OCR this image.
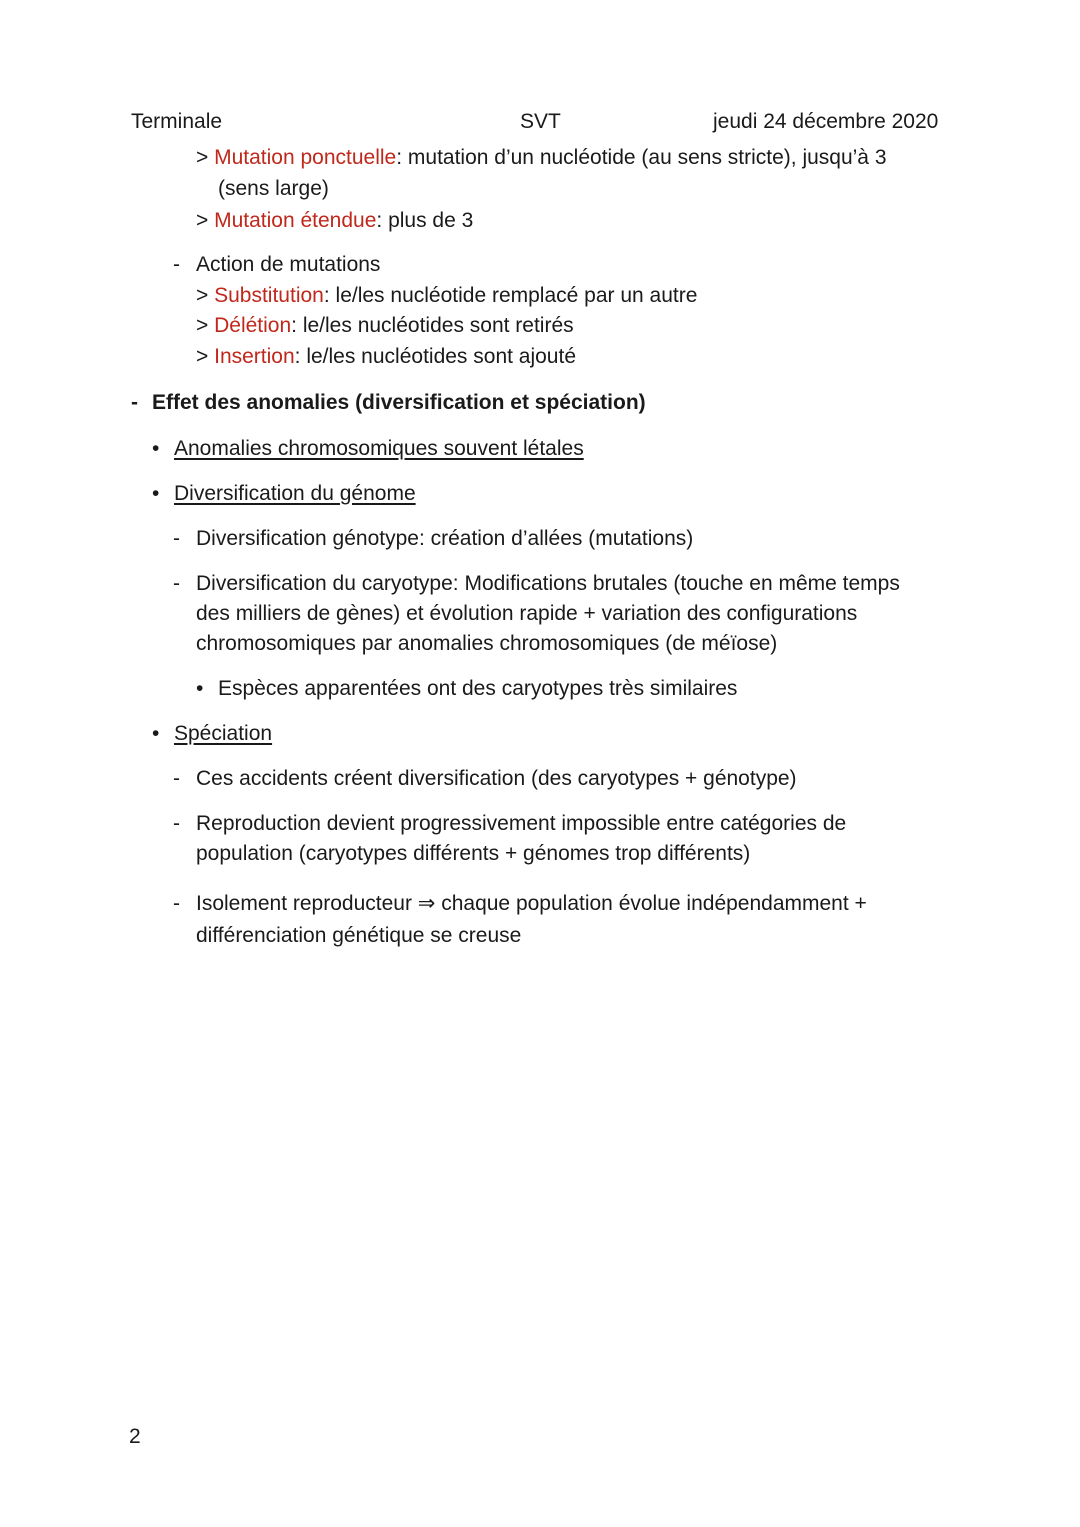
Terminale	SVT	jeudi 24 décembre 2020
> Mutation ponctuelle: mutation d’un nucléotide (au sens stricte), jusqu’à 3
(sens large)
> Mutation étendue: plus de 3
- Action de mutations
> Substitution: le/les nucléotide remplacé par un autre
> Délétion: le/les nucléotides sont retirés
> Insertion: le/les nucléotides sont ajouté
- Effet des anomalies (diversification et spéciation)
• Anomalies chromosomiques souvent létales
• Diversification du génome
- Diversification génotype: création d’allées (mutations)
- Diversification du caryotype: Modifications brutales (touche en même temps
des milliers de gènes) et évolution rapide + variation des configurations
chromosomiques par anomalies chromosomiques (de méïose)
• Espèces apparentées ont des caryotypes très similaires
• Spéciation
- Ces accidents créent diversification (des caryotypes + génotype)
- Reproduction devient progressivement impossible entre catégories de
population (caryotypes différents + génomes trop différents)
- Isolement reproducteur ⇒ chaque population évolue indépendamment +
différenciation génétique se creuse
2
